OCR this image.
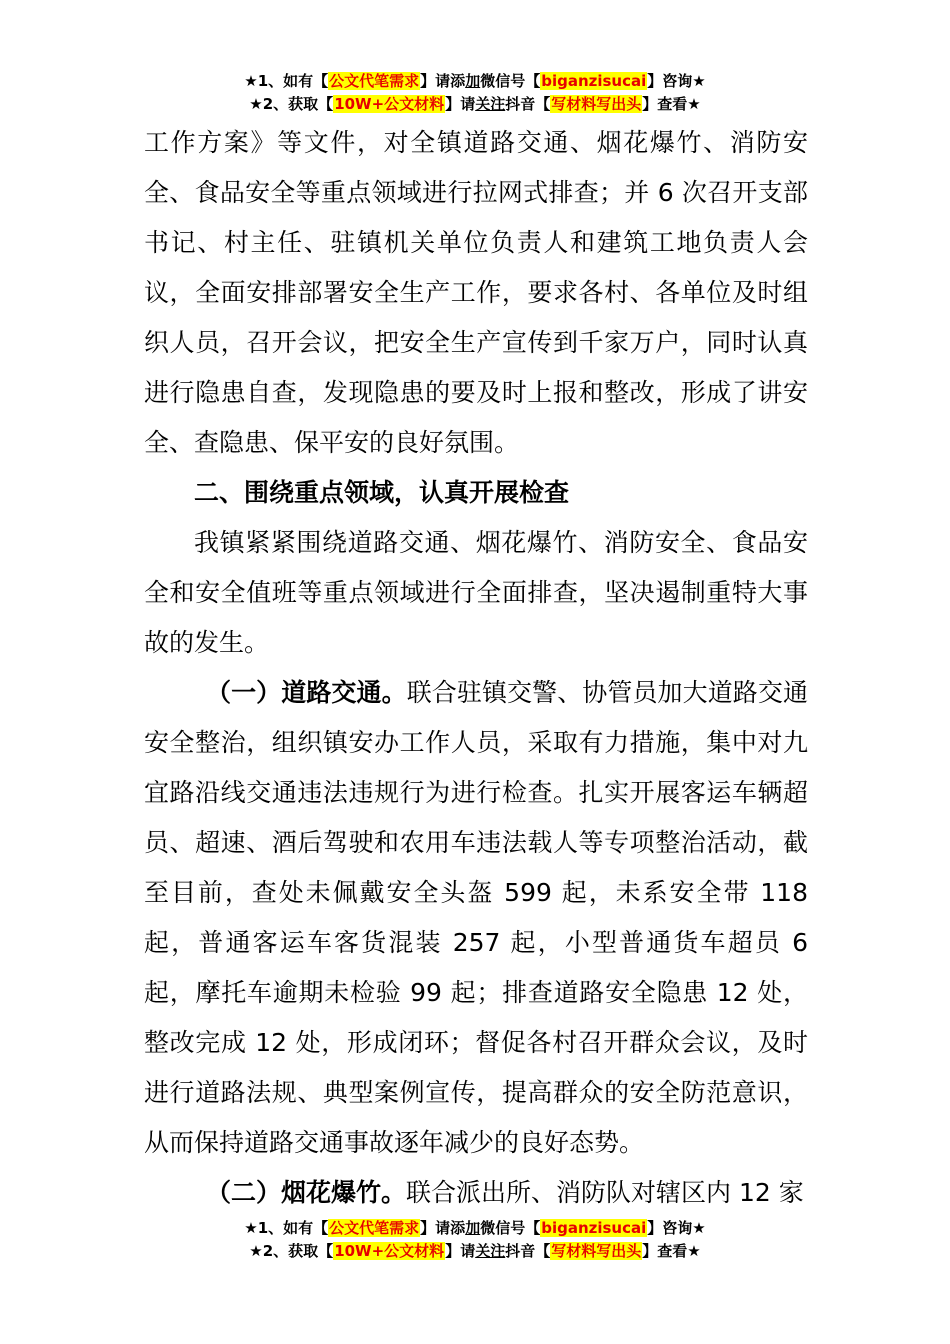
★1、如有【公文代笔需求】请添加微信号【biganzisucai】咨询★
★2、获取【10W+公文材料】请关注抖音【写材料写出头】查看★

工作方案》等文件，对全镇道路交通、烟花爆竹、消防安全、食品安全等重点领域进行拉网式排查；并 6 次召开支部书记、村主任、驻镇机关单位负责人和建筑工地负责人会议，全面安排部署安全生产工作，要求各村、各单位及时组织人员，召开会议，把安全生产宣传到千家万户，同时认真进行隐患自查，发现隐患的要及时上报和整改，形成了讲安全、查隐患、保平安的良好氛围。

二、围绕重点领域，认真开展检查

我镇紧紧围绕道路交通、烟花爆竹、消防安全、食品安全和安全值班等重点领域进行全面排查，坚决遏制重特大事故的发生。

（一）道路交通。联合驻镇交警、协管员加大道路交通安全整治，组织镇安办工作人员，采取有力措施，集中对九宜路沿线交通违法违规行为进行检查。扎实开展客运车辆超员、超速、酒后驾驶和农用车违法载人等专项整治活动，截至目前，查处未佩戴安全头盔 599 起，未系安全带 118 起，普通客运车客货混装 257 起，小型普通货车超员 6 起，摩托车逾期未检验 99 起；排查道路安全隐患 12 处，整改完成 12 处，形成闭环；督促各村召开群众会议，及时进行道路法规、典型案例宣传，提高群众的安全防范意识，从而保持道路交通事故逐年减少的良好态势。

（二）烟花爆竹。联合派出所、消防队对辖区内 12 家

★1、如有【公文代笔需求】请添加微信号【biganzisucai】咨询★
★2、获取【10W+公文材料】请关注抖音【写材料写出头】查看★
